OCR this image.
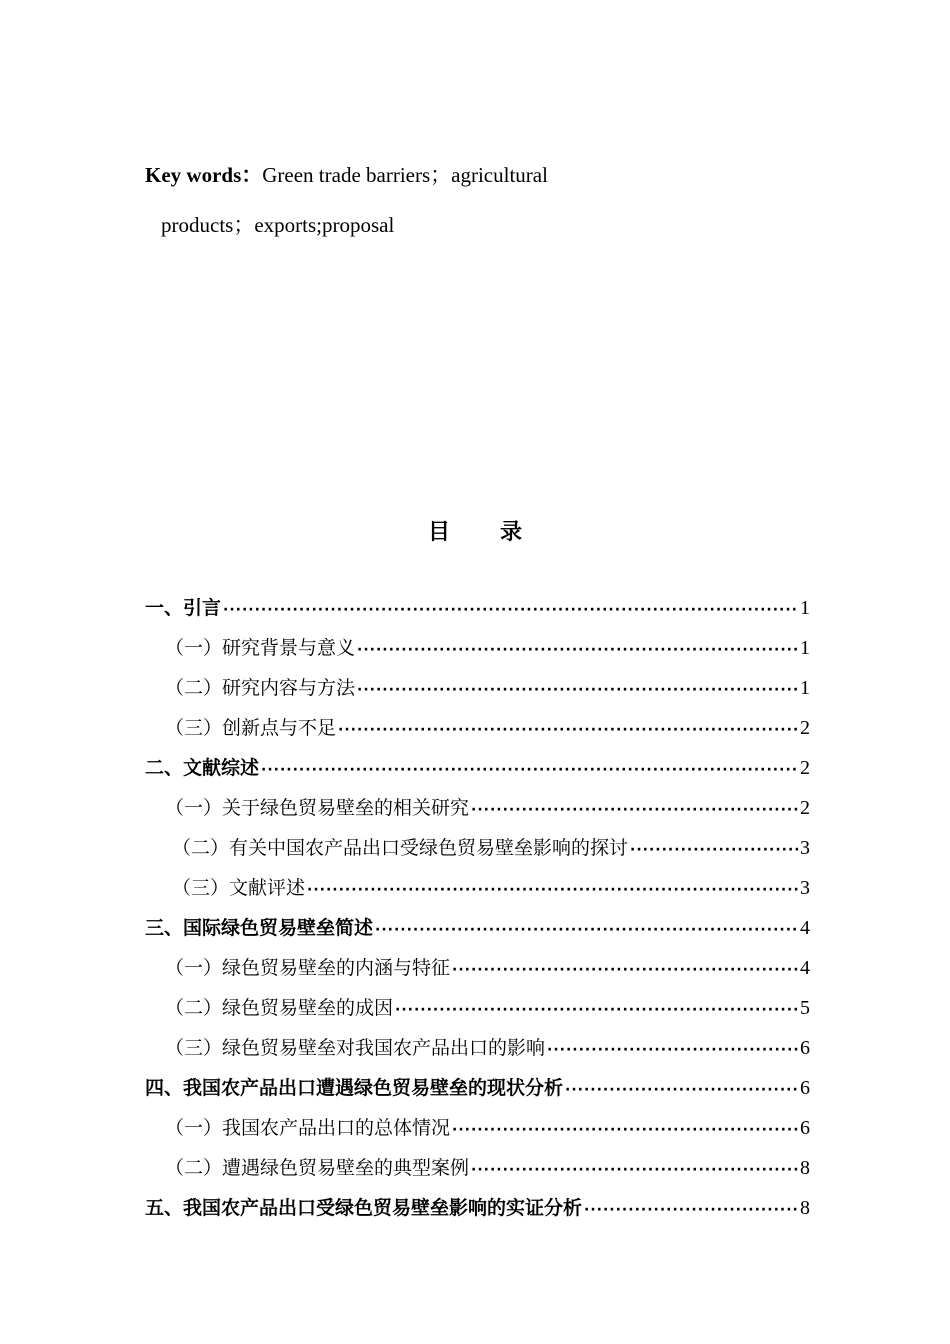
Key words：Green trade barriers；agricultural
products；exports;proposal
目录
一、引言 ·····	1
（一）研究背景与意义 ·····	1
（二）研究内容与方法 ·····	1
（三）创新点与不足 ·····	2
二、文献综述 ·····	2
（一）关于绿色贸易壁垒的相关研究 ·····	2
（二）有关中国农产品出口受绿色贸易壁垒影响的探讨 ·····	3
（三）文献评述 ·····	3
三、国际绿色贸易壁垒简述 ·····	4
（一）绿色贸易壁垒的内涵与特征 ·····	4
（二）绿色贸易壁垒的成因 ·····	5
（三）绿色贸易壁垒对我国农产品出口的影响 ·····	6
四、我国农产品出口遭遇绿色贸易壁垒的现状分析 ·····	6
（一）我国农产品出口的总体情况 ·····	6
（二）遭遇绿色贸易壁垒的典型案例 ·····	8
五、我国农产品出口受绿色贸易壁垒影响的实证分析 ·····	8
